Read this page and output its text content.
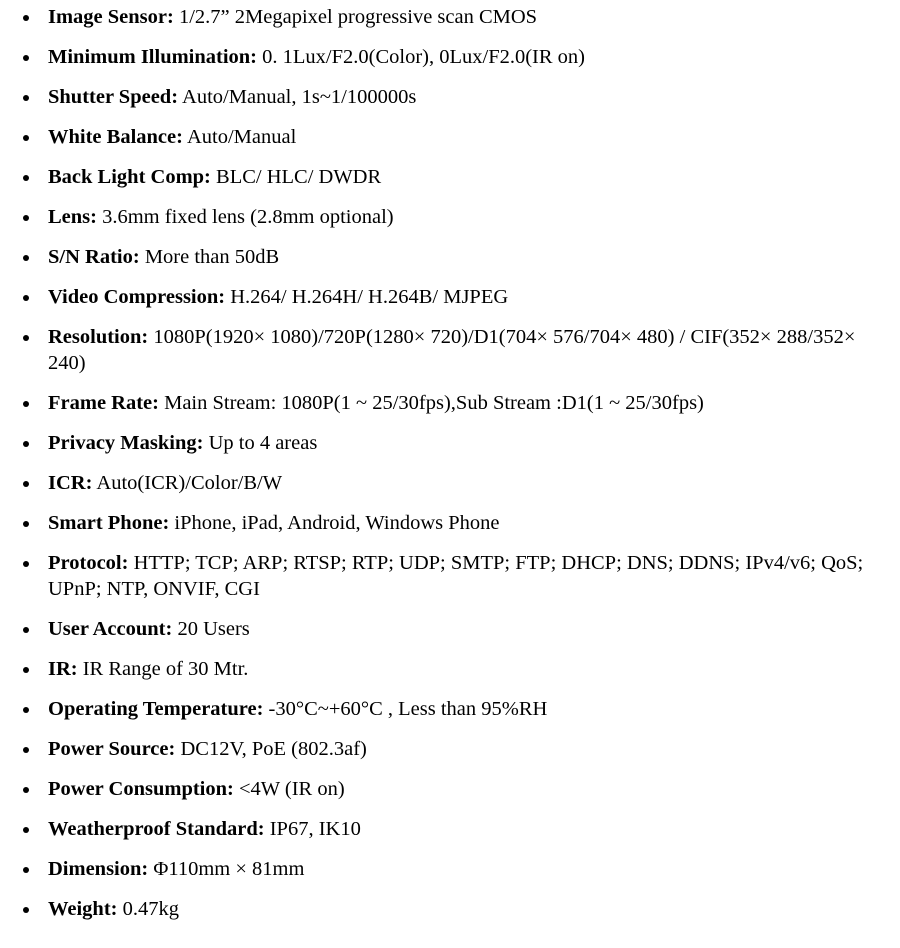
Image Sensor: 1/2.7” 2Megapixel progressive scan CMOS
Minimum Illumination: 0. 1Lux/F2.0(Color), 0Lux/F2.0(IR on)
Shutter Speed: Auto/Manual, 1s~1/100000s
White Balance: Auto/Manual
Back Light Comp: BLC/ HLC/ DWDR
Lens: 3.6mm fixed lens (2.8mm optional)
S/N Ratio: More than 50dB
Video Compression: H.264/ H.264H/ H.264B/ MJPEG
Resolution: 1080P(1920× 1080)/720P(1280× 720)/D1(704× 576/704× 480) / CIF(352× 288/352× 240)
Frame Rate: Main Stream: 1080P(1 ~ 25/30fps),Sub Stream :D1(1 ~ 25/30fps)
Privacy Masking: Up to 4 areas
ICR: Auto(ICR)/Color/B/W
Smart Phone: iPhone, iPad, Android, Windows Phone
Protocol: HTTP; TCP; ARP; RTSP; RTP; UDP; SMTP; FTP; DHCP; DNS; DDNS; IPv4/v6; QoS; UPnP; NTP, ONVIF, CGI
User Account: 20 Users
IR: IR Range of 30 Mtr.
Operating Temperature: -30°C~+60°C , Less than 95%RH
Power Source: DC12V, PoE (802.3af)
Power Consumption: <4W (IR on)
Weatherproof Standard: IP67, IK10
Dimension: Φ110mm × 81mm
Weight: 0.47kg
